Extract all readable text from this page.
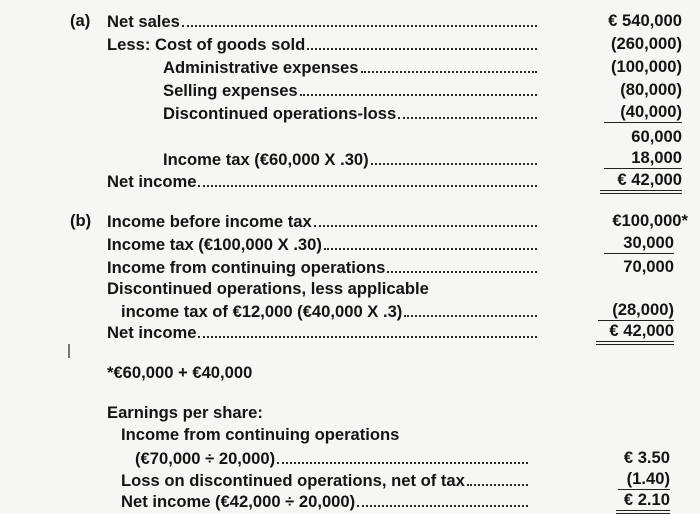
(a) Net sales	€ 540,000
Less: Cost of goods sold	(260,000)
Administrative expenses	(100,000)
Selling expenses	(80,000)
Discontinued operations-loss	(40,000)
60,000
Income tax (€60,000 X .30)	18,000
Net income	€ 42,000
(b) Income before income tax	€100,000*
Income tax (€100,000 X .30)	30,000
Income from continuing operations	70,000
Discontinued operations, less applicable
income tax of €12,000 (€40,000 X .3)	(28,000)
Net income	€ 42,000
*€60,000 + €40,000
Earnings per share:
Income from continuing operations
(€70,000 ÷ 20,000)	€ 3.50
Loss on discontinued operations, net of tax	(1.40)
Net income (€42,000 ÷ 20,000)	€ 2.10
